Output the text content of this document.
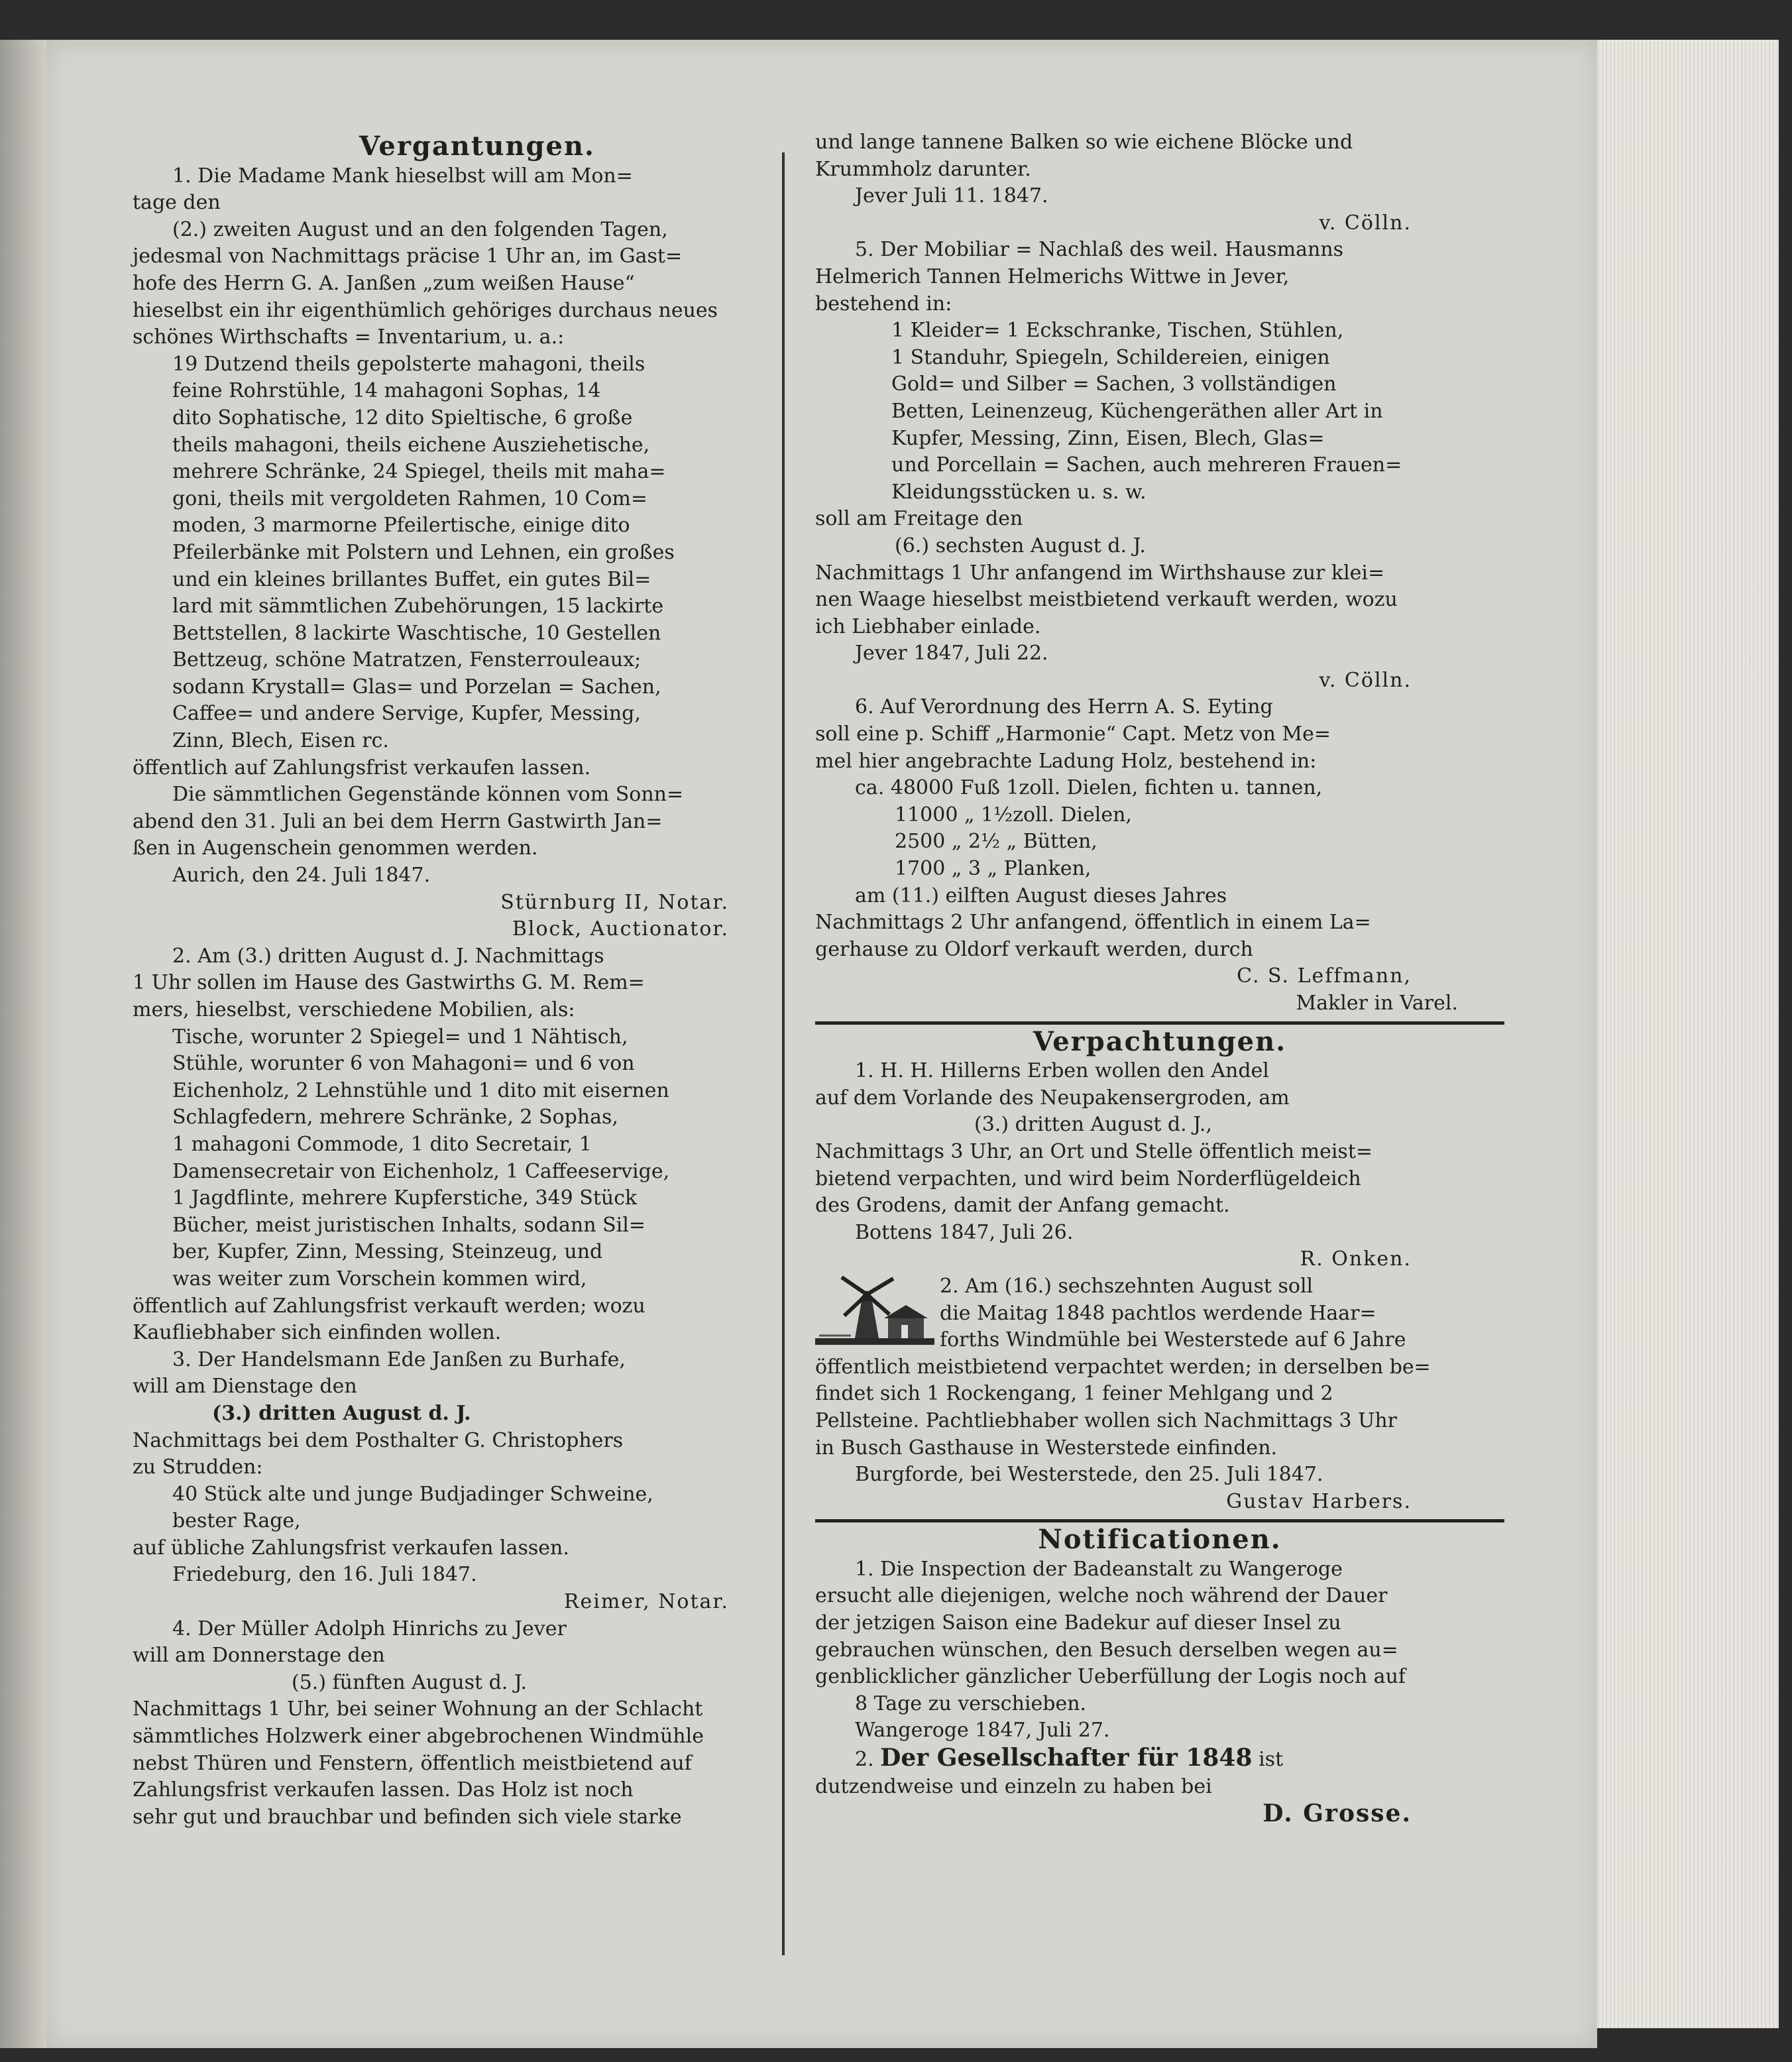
Vergantungen.

1. Die Madame Mank hieselbst will am Mon=

tage den

(2.) zweiten August und an den folgenden Tagen,

jedesmal von Nachmittags präcise 1 Uhr an, im Gast=

hofe des Herrn G. A. Janßen „zum weißen Hause“

hieselbst ein ihr eigenthümlich gehöriges durchaus neues

schönes Wirthschafts = Inventarium, u. a.:

19 Dutzend theils gepolsterte mahagoni, theils

feine Rohrstühle, 14 mahagoni Sophas, 14

dito Sophatische, 12 dito Spieltische, 6 große

theils mahagoni, theils eichene Ausziehetische,

mehrere Schränke, 24 Spiegel, theils mit maha=

goni, theils mit vergoldeten Rahmen, 10 Com=

moden, 3 marmorne Pfeilertische, einige dito

Pfeilerbänke mit Polstern und Lehnen, ein großes

und ein kleines brillantes Buffet, ein gutes Bil=

lard mit sämmtlichen Zubehörungen, 15 lackirte

Bettstellen, 8 lackirte Waschtische, 10 Gestellen

Bettzeug, schöne Matratzen, Fensterrouleaux;

sodann Krystall= Glas= und Porzelan = Sachen,

Caffee= und andere Servige, Kupfer, Messing,

Zinn, Blech, Eisen rc.

öffentlich auf Zahlungsfrist verkaufen lassen.

Die sämmtlichen Gegenstände können vom Sonn=

abend den 31. Juli an bei dem Herrn Gastwirth Jan=

ßen in Augenschein genommen werden.

Aurich, den 24. Juli 1847.

Stürnburg II, Notar.

Block, Auctionator.

2. Am (3.) dritten August d. J. Nachmittags

1 Uhr sollen im Hause des Gastwirths G. M. Rem=

mers, hieselbst, verschiedene Mobilien, als:

Tische, worunter 2 Spiegel= und 1 Nähtisch,

Stühle, worunter 6 von Mahagoni= und 6 von

Eichenholz, 2 Lehnstühle und 1 dito mit eisernen

Schlagfedern, mehrere Schränke, 2 Sophas,

1 mahagoni Commode, 1 dito Secretair, 1

Damensecretair von Eichenholz, 1 Caffeeservige,

1 Jagdflinte, mehrere Kupferstiche, 349 Stück

Bücher, meist juristischen Inhalts, sodann Sil=

ber, Kupfer, Zinn, Messing, Steinzeug, und

was weiter zum Vorschein kommen wird,

öffentlich auf Zahlungsfrist verkauft werden; wozu

Kaufliebhaber sich einfinden wollen.

3. Der Handelsmann Ede Janßen zu Burhafe,

will am Dienstage den

(3.) dritten August d. J.

Nachmittags bei dem Posthalter G. Christophers

zu Strudden:

40 Stück alte und junge Budjadinger Schweine,

bester Rage,

auf übliche Zahlungsfrist verkaufen lassen.

Friedeburg, den 16. Juli 1847.

Reimer, Notar.

4. Der Müller Adolph Hinrichs zu Jever

will am Donnerstage den

(5.) fünften August d. J.

Nachmittags 1 Uhr, bei seiner Wohnung an der Schlacht

sämmtliches Holzwerk einer abgebrochenen Windmühle

nebst Thüren und Fenstern, öffentlich meistbietend auf

Zahlungsfrist verkaufen lassen. Das Holz ist noch

sehr gut und brauchbar und befinden sich viele starke

und lange tannene Balken so wie eichene Blöcke und

Krummholz darunter.

Jever Juli 11. 1847.

v. Cölln.

5. Der Mobiliar = Nachlaß des weil. Hausmanns

Helmerich Tannen Helmerichs Wittwe in Jever,

bestehend in:

1 Kleider= 1 Eckschranke, Tischen, Stühlen,

1 Standuhr, Spiegeln, Schildereien, einigen

Gold= und Silber = Sachen, 3 vollständigen

Betten, Leinenzeug, Küchengeräthen aller Art in

Kupfer, Messing, Zinn, Eisen, Blech, Glas=

und Porcellain = Sachen, auch mehreren Frauen=

Kleidungsstücken u. s. w.

soll am Freitage den

(6.) sechsten August d. J.

Nachmittags 1 Uhr anfangend im Wirthshause zur klei=

nen Waage hieselbst meistbietend verkauft werden, wozu

ich Liebhaber einlade.

Jever 1847, Juli 22.

v. Cölln.

6. Auf Verordnung des Herrn A. S. Eyting

soll eine p. Schiff „Harmonie“ Capt. Metz von Me=

mel hier angebrachte Ladung Holz, bestehend in:

ca. 48000 Fuß 1zoll. Dielen, fichten u. tannen,

11000 „ 1½zoll. Dielen,

2500 „ 2½ „ Bütten,

1700 „ 3 „ Planken,

am (11.) eilften August dieses Jahres

Nachmittags 2 Uhr anfangend, öffentlich in einem La=

gerhause zu Oldorf verkauft werden, durch

C. S. Leffmann,

Makler in Varel.

Verpachtungen.

1. H. H. Hillerns Erben wollen den Andel

auf dem Vorlande des Neupakensergroden, am

(3.) dritten August d. J.,

Nachmittags 3 Uhr, an Ort und Stelle öffentlich meist=

bietend verpachten, und wird beim Norderflügeldeich

des Grodens, damit der Anfang gemacht.

Bottens 1847, Juli 26.

R. Onken.

2. Am (16.) sechszehnten August soll

die Maitag 1848 pachtlos werdende Haar=

forths Windmühle bei Westerstede auf 6 Jahre

öffentlich meistbietend verpachtet werden; in derselben be=

findet sich 1 Rockengang, 1 feiner Mehlgang und 2

Pellsteine. Pachtliebhaber wollen sich Nachmittags 3 Uhr

in Busch Gasthause in Westerstede einfinden.

Burgforde, bei Westerstede, den 25. Juli 1847.

Gustav Harbers.

Notificationen.

1. Die Inspection der Badeanstalt zu Wangeroge

ersucht alle diejenigen, welche noch während der Dauer

der jetzigen Saison eine Badekur auf dieser Insel zu

gebrauchen wünschen, den Besuch derselben wegen au=

genblicklicher gänzlicher Ueberfüllung der Logis noch auf

8 Tage zu verschieben.

Wangeroge 1847, Juli 27.

2. Der Gesellschafter für 1848 ist

dutzendweise und einzeln zu haben bei

D. Grosse.
